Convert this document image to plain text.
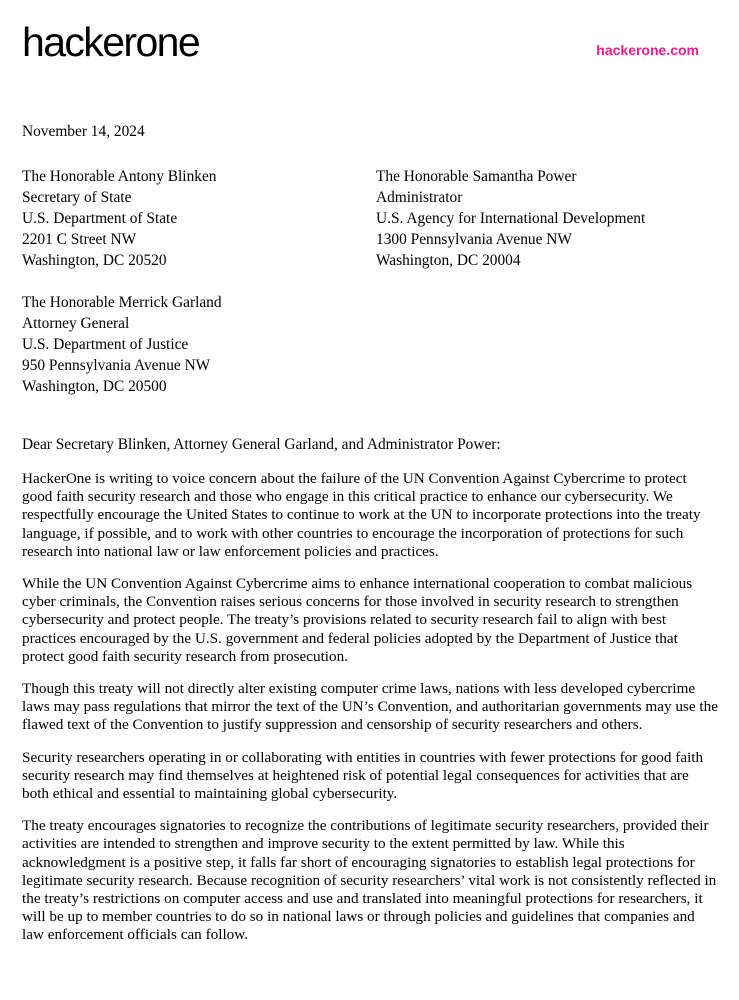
hackerone	hackerone.com
November 14, 2024
The Honorable Antony Blinken
Secretary of State
U.S. Department of State
2201 C Street NW
Washington, DC 20520
The Honorable Samantha Power
Administrator
U.S. Agency for International Development
1300 Pennsylvania Avenue NW
Washington, DC 20004
The Honorable Merrick Garland
Attorney General
U.S. Department of Justice
950 Pennsylvania Avenue NW
Washington, DC 20500
Dear Secretary Blinken, Attorney General Garland, and Administrator Power:

HackerOne is writing to voice concern about the failure of the UN Convention Against Cybercrime to protect good faith security research and those who engage in this critical practice to enhance our cybersecurity. We respectfully encourage the United States to continue to work at the UN to incorporate protections into the treaty language, if possible, and to work with other countries to encourage the incorporation of protections for such research into national law or law enforcement policies and practices.

While the UN Convention Against Cybercrime aims to enhance international cooperation to combat malicious cyber criminals, the Convention raises serious concerns for those involved in security research to strengthen cybersecurity and protect people. The treaty’s provisions related to security research fail to align with best practices encouraged by the U.S. government and federal policies adopted by the Department of Justice that protect good faith security research from prosecution.

Though this treaty will not directly alter existing computer crime laws, nations with less developed cybercrime laws may pass regulations that mirror the text of the UN’s Convention, and authoritarian governments may use the flawed text of the Convention to justify suppression and censorship of security researchers and others.

Security researchers operating in or collaborating with entities in countries with fewer protections for good faith security research may find themselves at heightened risk of potential legal consequences for activities that are both ethical and essential to maintaining global cybersecurity.

The treaty encourages signatories to recognize the contributions of legitimate security researchers, provided their activities are intended to strengthen and improve security to the extent permitted by law. While this acknowledgment is a positive step, it falls far short of encouraging signatories to establish legal protections for legitimate security research. Because recognition of security researchers’ vital work is not consistently reflected in the treaty’s restrictions on computer access and use and translated into meaningful protections for researchers, it will be up to member countries to do so in national laws or through policies and guidelines that companies and law enforcement officials can follow.
